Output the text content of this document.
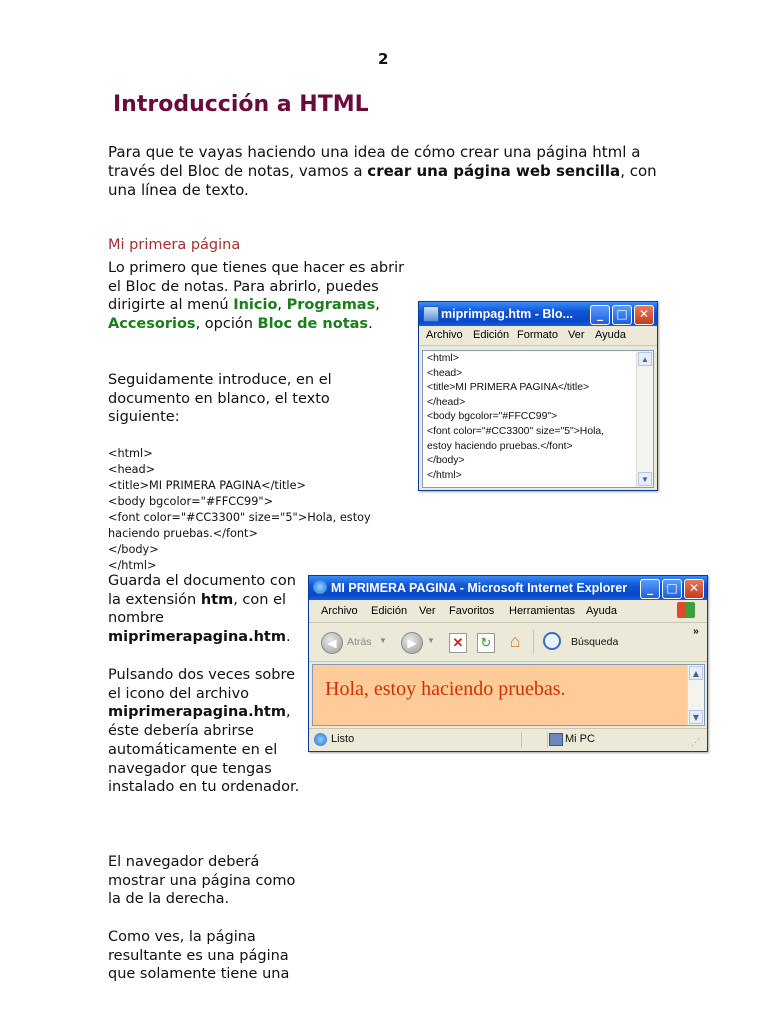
2
Introducción a HTML
Para que te vayas haciendo una idea de cómo crear una página html a través del Bloc de notas, vamos a crear una página web sencilla, con una línea de texto.
Mi primera página
Lo primero que tienes que hacer es abrir el Bloc de notas. Para abrirlo, puedes dirigirte al menú Inicio, Programas, Accesorios, opción Bloc de notas.
Seguidamente introduce, en el documento en blanco, el texto siguiente:
<html>
<head>
<title>MI PRIMERA PAGINA</title>
<body bgcolor="#FFCC99">
<font color="#CC3300" size="5">Hola, estoy
haciendo pruebas.</font>
</body>
</html>
Guarda el documento con la extensión htm, con el nombre miprimerapagina.htm.
Pulsando dos veces sobre el icono del archivo miprimerapagina.htm, éste debería abrirse automáticamente en el navegador que tengas instalado en tu ordenador.
El navegador deberá mostrar una página como la de la derecha.
Como ves, la página resultante es una página que solamente tiene una
miprimpag.htm - Blo...	_	□ ✕
Archivo Edición Formato Ver Ayuda
<html>
<head>
<title>MI PRIMERA PAGINA</title>
</head>
<body bgcolor="#FFCC99">
<font color="#CC3300" size="5">Hola,
estoy haciendo pruebas.</font>
</body>
</html>
▲
▼
MI PRIMERA PAGINA - Microsoft Internet Explorer	_	□ ✕
Archivo Edición Ver Favoritos Herramientas Ayuda
◀ Atrás ▼	▶	▼ ✕ ↻ ⌂	Búsqueda
»
Hola, estoy haciendo pruebas.
▲
▼
Listo	Mi PC	⋰
